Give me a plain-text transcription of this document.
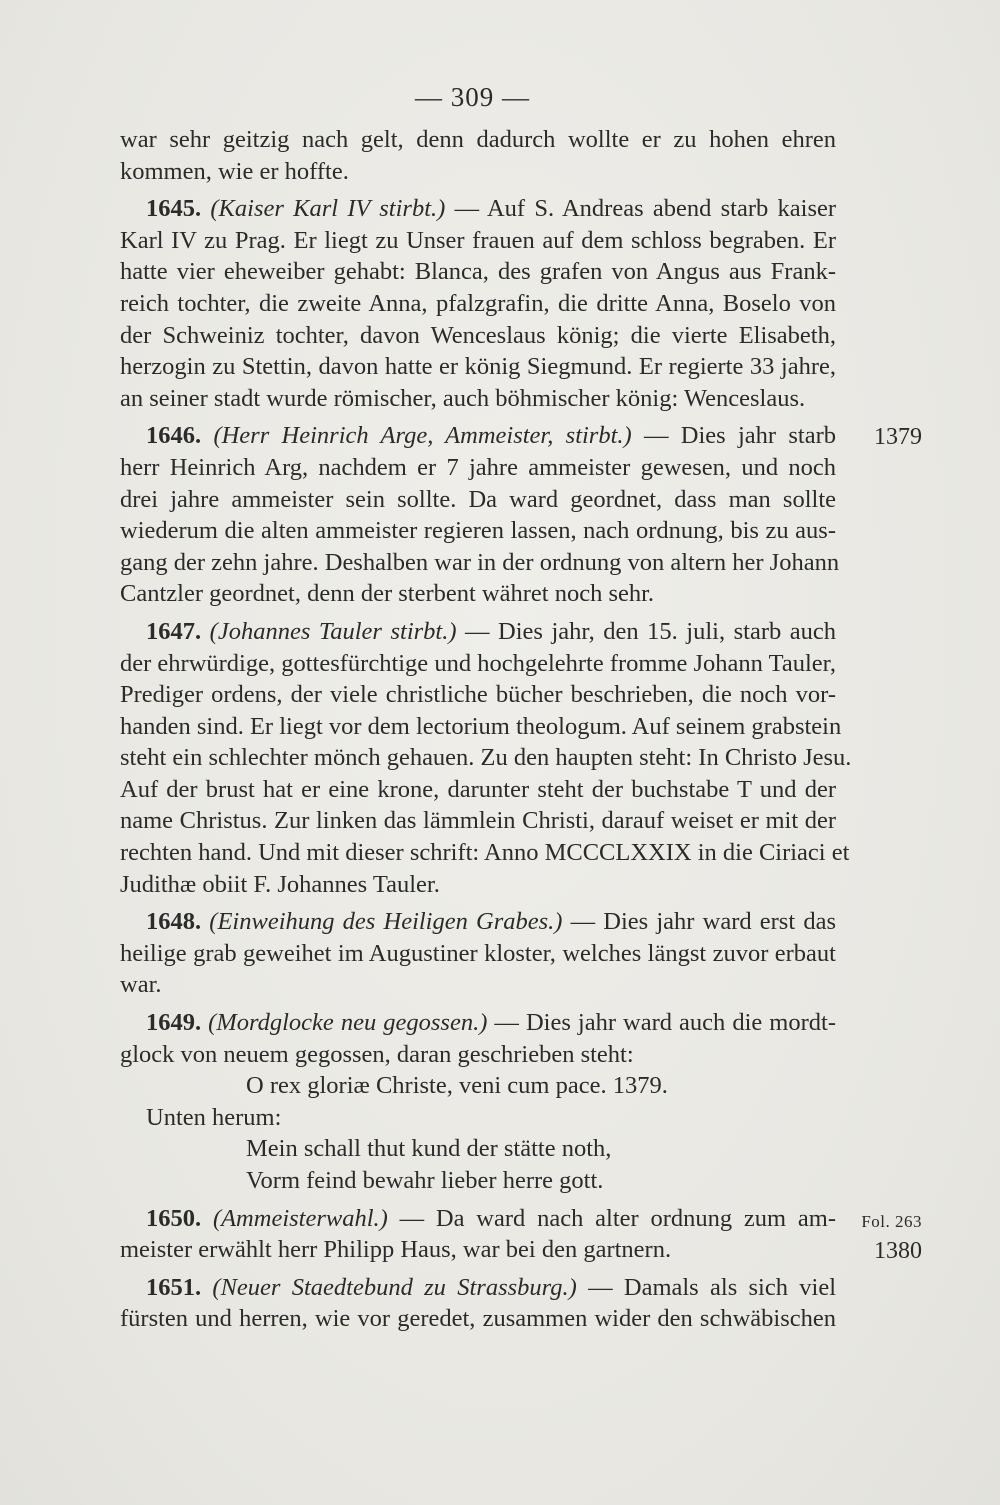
— 309 —
war sehr geitzig nach gelt, denn dadurch wollte er zu hohen ehren
kommen, wie er hoffte.
1645. (Kaiser Karl IV stirbt.) — Auf S. Andreas abend starb kaiser
Karl IV zu Prag. Er liegt zu Unser frauen auf dem schloss begraben. Er
hatte vier eheweiber gehabt: Blanca, des grafen von Angus aus Frank-
reich tochter, die zweite Anna, pfalzgrafin, die dritte Anna, Boselo von
der Schweiniz tochter, davon Wenceslaus könig; die vierte Elisabeth,
herzogin zu Stettin, davon hatte er könig Siegmund. Er regierte 33 jahre,
an seiner stadt wurde römischer, auch böhmischer könig: Wenceslaus.
1646. (Herr Heinrich Arge, Ammeister, stirbt.) — Dies jahr starb
herr Heinrich Arg, nachdem er 7 jahre ammeister gewesen, und noch
drei jahre ammeister sein sollte. Da ward geordnet, dass man sollte
wiederum die alten ammeister regieren lassen, nach ordnung, bis zu aus-
gang der zehn jahre. Deshalben war in der ordnung von altern her Johann
Cantzler geordnet, denn der sterbent währet noch sehr.
1647. (Johannes Tauler stirbt.) — Dies jahr, den 15. juli, starb auch
der ehrwürdige, gottesfürchtige und hochgelehrte fromme Johann Tauler,
Prediger ordens, der viele christliche bücher beschrieben, die noch vor-
handen sind. Er liegt vor dem lectorium theologum. Auf seinem grabstein
steht ein schlechter mönch gehauen. Zu den haupten steht: In Christo Jesu.
Auf der brust hat er eine krone, darunter steht der buchstabe T und der
name Christus. Zur linken das lämmlein Christi, darauf weiset er mit der
rechten hand. Und mit dieser schrift: Anno MCCCLXXIX in die Ciriaci et
Judithæ obiit F. Johannes Tauler.
1648. (Einweihung des Heiligen Grabes.) — Dies jahr ward erst das
heilige grab geweihet im Augustiner kloster, welches längst zuvor erbaut
war.
1649. (Mordglocke neu gegossen.) — Dies jahr ward auch die mordt-
glock von neuem gegossen, daran geschrieben steht:
O rex gloriæ Christe, veni cum pace. 1379.
Unten herum:
Mein schall thut kund der stätte noth,
Vorm feind bewahr lieber herre gott.
1650. (Ammeisterwahl.) — Da ward nach alter ordnung zum am-
meister erwählt herr Philipp Haus, war bei den gartnern.
1651. (Neuer Staedtebund zu Strassburg.) — Damals als sich viel
fürsten und herren, wie vor geredet, zusammen wider den schwäbischen
1379
Fol. 263
1380
